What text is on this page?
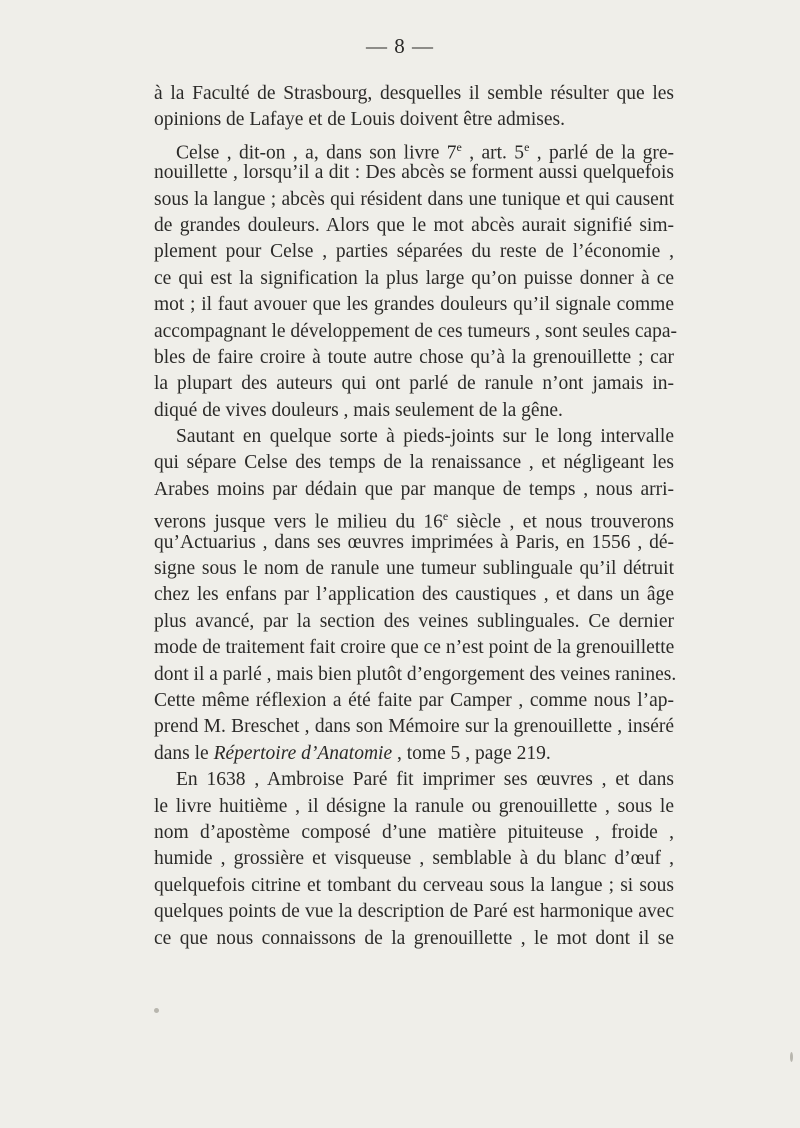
— 8 —
à la Faculté de Strasbourg, desquelles il semble résulter que les
opinions de Lafaye et de Louis doivent être admises.
Celse , dit-on , a, dans son livre 7e , art. 5e , parlé de la gre-
nouillette , lorsqu’il a dit : Des abcès se forment aussi quelquefois
sous la langue ; abcès qui résident dans une tunique et qui causent
de grandes douleurs. Alors que le mot abcès aurait signifié sim-
plement pour Celse , parties séparées du reste de l’économie ,
ce qui est la signification la plus large qu’on puisse donner à ce
mot ; il faut avouer que les grandes douleurs qu’il signale comme
accompagnant le développement de ces tumeurs , sont seules capa-
bles de faire croire à toute autre chose qu’à la grenouillette ; car
la plupart des auteurs qui ont parlé de ranule n’ont jamais in-
diqué de vives douleurs , mais seulement de la gêne.
Sautant en quelque sorte à pieds-joints sur le long intervalle
qui sépare Celse des temps de la renaissance , et négligeant les
Arabes moins par dédain que par manque de temps , nous arri-
verons jusque vers le milieu du 16e siècle , et nous trouverons
qu’Actuarius , dans ses œuvres imprimées à Paris, en 1556 , dé-
signe sous le nom de ranule une tumeur sublinguale qu’il détruit
chez les enfans par l’application des caustiques , et dans un âge
plus avancé, par la section des veines sublinguales. Ce dernier
mode de traitement fait croire que ce n’est point de la grenouillette
dont il a parlé , mais bien plutôt d’engorgement des veines ranines.
Cette même réflexion a été faite par Camper , comme nous l’ap-
prend M. Breschet , dans son Mémoire sur la grenouillette , inséré
dans le Répertoire d’Anatomie , tome 5 , page 219.
En 1638 , Ambroise Paré fit imprimer ses œuvres , et dans
le livre huitième , il désigne la ranule ou grenouillette , sous le
nom d’apostème composé d’une matière pituiteuse , froide ,
humide , grossière et visqueuse , semblable à du blanc d’œuf ,
quelquefois citrine et tombant du cerveau sous la langue ; si sous
quelques points de vue la description de Paré est harmonique avec
ce que nous connaissons de la grenouillette , le mot dont il se
